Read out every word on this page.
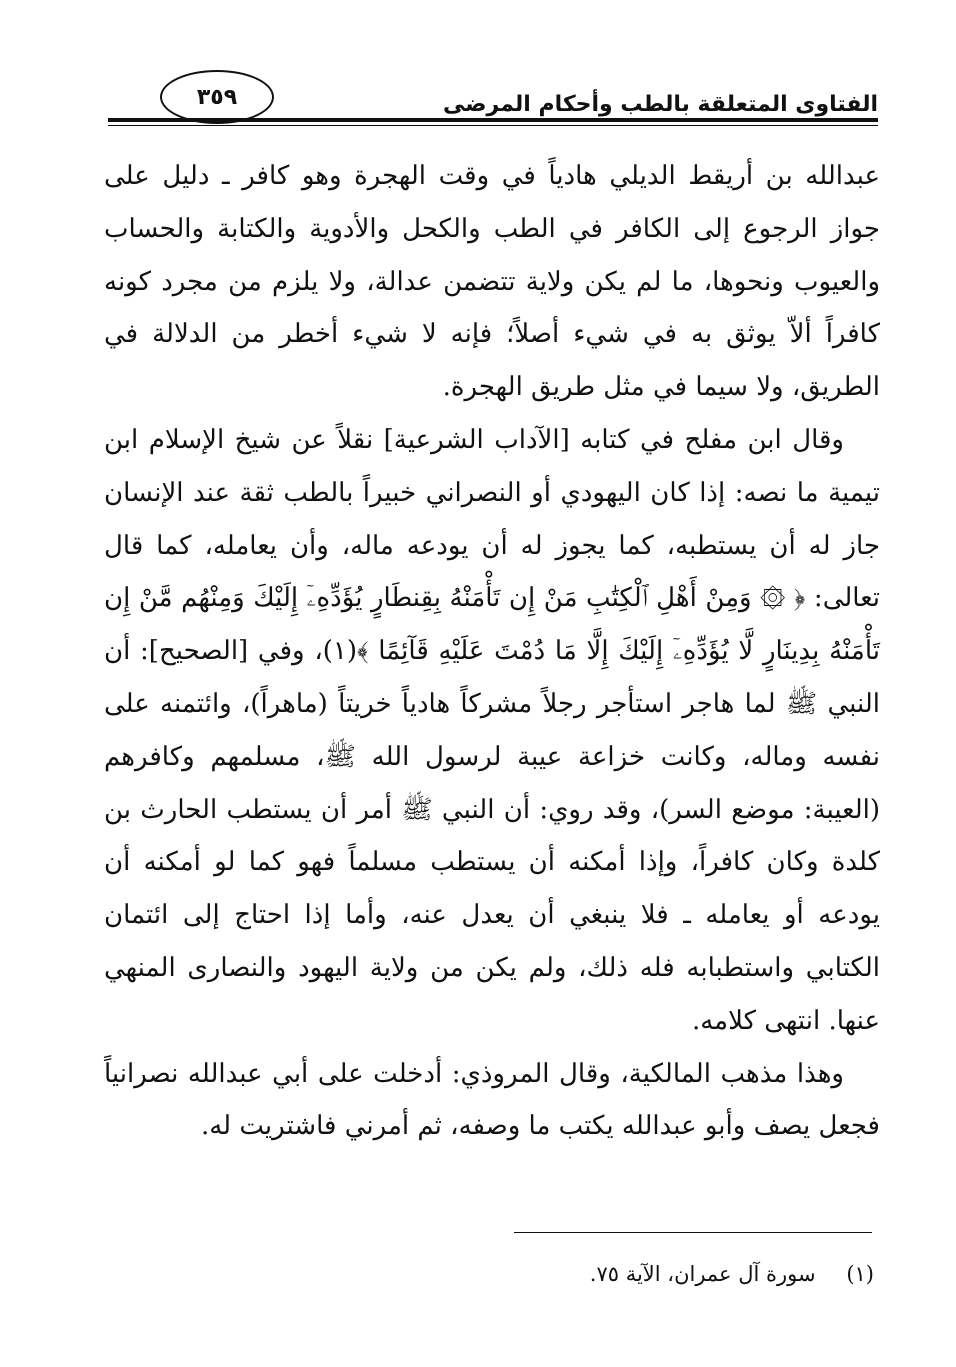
الفتاوى المتعلقة بالطب وأحكام المرضى
٣٥٩

عبدالله بن أريقط الديلي هادياً في وقت الهجرة وهو كافر ـ دليل على جواز الرجوع إلى الكافر في الطب والكحل والأدوية والكتابة والحساب والعيوب ونحوها، ما لم يكن ولاية تتضمن عدالة، ولا يلزم من مجرد كونه كافراً ألاّ يوثق به في شيء أصلاً؛ فإنه لا شيء أخطر من الدلالة في الطريق، ولا سيما في مثل طريق الهجرة.

وقال ابن مفلح في كتابه [الآداب الشرعية] نقلاً عن شيخ الإسلام ابن تيمية ما نصه: إذا كان اليهودي أو النصراني خبيراً بالطب ثقة عند الإنسان جاز له أن يستطبه، كما يجوز له أن يودعه ماله، وأن يعامله، كما قال تعالى: ﴿ ۞ وَمِنْ أَهْلِ ٱلْكِتَٰبِ مَنْ إِن تَأْمَنْهُ بِقِنطَارٍ يُؤَدِّهِۦٓ إِلَيْكَ وَمِنْهُم مَّنْ إِن تَأْمَنْهُ بِدِينَارٍ لَّا يُؤَدِّهِۦٓ إِلَيْكَ إِلَّا مَا دُمْتَ عَلَيْهِ قَآئِمًا ﴾(١)، وفي [الصحيح]: أن النبي ﷺ لما هاجر استأجر رجلاً مشركاً هادياً خريتاً (ماهراً)، وائتمنه على نفسه وماله، وكانت خزاعة عيبة لرسول الله ﷺ، مسلمهم وكافرهم (العيبة: موضع السر)، وقد روي: أن النبي ﷺ أمر أن يستطب الحارث بن كلدة وكان كافراً، وإذا أمكنه أن يستطب مسلماً فهو كما لو أمكنه أن يودعه أو يعامله ـ فلا ينبغي أن يعدل عنه، وأما إذا احتاج إلى ائتمان الكتابي واستطبابه فله ذلك، ولم يكن من ولاية اليهود والنصارى المنهي عنها. انتهى كلامه.

وهذا مذهب المالكية، وقال المروذي: أدخلت على أبي عبدالله نصرانياً فجعل يصف وأبو عبدالله يكتب ما وصفه، ثم أمرني فاشتريت له.

(١) سورة آل عمران، الآية ٧٥.
